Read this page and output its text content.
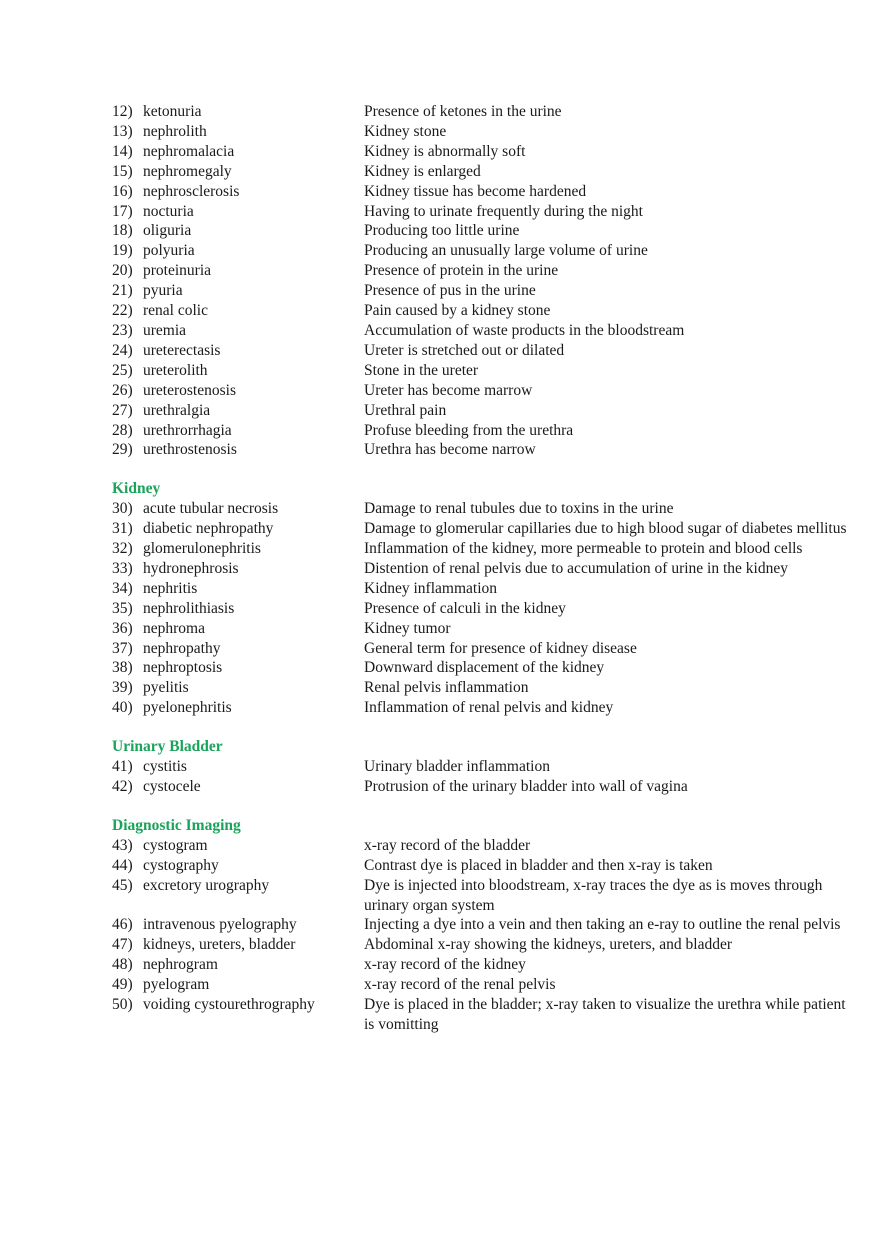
12) ketonuria	Presence of ketones in the urine
13) nephrolith	Kidney stone
14) nephromalacia	Kidney is abnormally soft
15) nephromegaly	Kidney is enlarged
16) nephrosclerosis	Kidney tissue has become hardened
17) nocturia	Having to urinate frequently during the night
18) oliguria	Producing too little urine
19) polyuria	Producing an unusually large volume of urine
20) proteinuria	Presence of protein in the urine
21) pyuria	Presence of pus in the urine
22) renal colic	Pain caused by a kidney stone
23) uremia	Accumulation of waste products in the bloodstream
24) ureterectasis	Ureter is stretched out or dilated
25) ureterolith	Stone in the ureter
26) ureterostenosis	Ureter has become marrow
27) urethralgia	Urethral pain
28) urethrorrhagia	Profuse bleeding from the urethra
29) urethrostenosis	Urethra has become narrow
Kidney
30) acute tubular necrosis	Damage to renal tubules due to toxins in the urine
31) diabetic nephropathy	Damage to glomerular capillaries due to high blood sugar of diabetes mellitus
32) glomerulonephritis	Inflammation of the kidney, more permeable to protein and blood cells
33) hydronephrosis	Distention of renal pelvis due to accumulation of urine in the kidney
34) nephritis	Kidney inflammation
35) nephrolithiasis	Presence of calculi in the kidney
36) nephroma	Kidney tumor
37) nephropathy	General term for presence of kidney disease
38) nephroptosis	Downward displacement of the kidney
39) pyelitis	Renal pelvis inflammation
40) pyelonephritis	Inflammation of renal pelvis and kidney
Urinary Bladder
41) cystitis	Urinary bladder inflammation
42) cystocele	Protrusion of the urinary bladder into wall of vagina
Diagnostic Imaging
43) cystogram	x-ray record of the bladder
44) cystography	Contrast dye is placed in bladder and then x-ray is taken
45) excretory urography	Dye is injected into bloodstream, x-ray traces the dye as is moves through urinary organ system
46) intravenous pyelography	Injecting a dye into a vein and then taking an e-ray to outline the renal pelvis
47) kidneys, ureters, bladder	Abdominal x-ray showing the kidneys, ureters, and bladder
48) nephrogram	x-ray record of the kidney
49) pyelogram	x-ray record of the renal pelvis
50) voiding cystourethrography	Dye is placed in the bladder; x-ray taken to visualize the urethra while patient is vomitting
